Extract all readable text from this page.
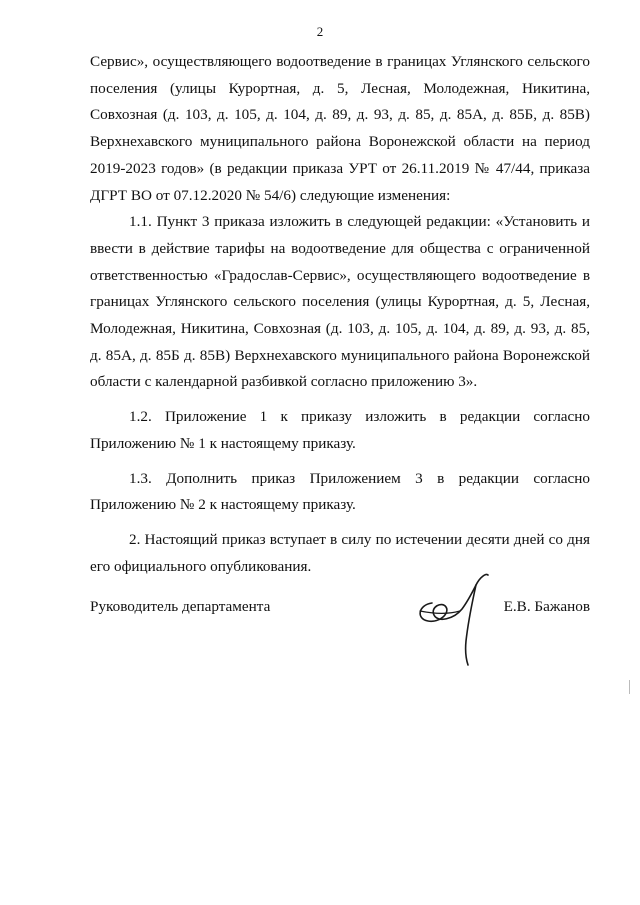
2

Сервис», осуществляющего водоотведение в границах Углянского сельского поселения (улицы Курортная, д. 5, Лесная, Молодежная, Никитина, Совхозная (д. 103, д. 105, д. 104, д. 89, д. 93, д. 85, д. 85А, д. 85Б, д. 85В) Верхнехавского муниципального района Воронежской области на период 2019-2023 годов» (в редакции приказа УРТ от 26.11.2019 № 47/44, приказа ДГРТ ВО от 07.12.2020 № 54/6) следующие изменения:

1.1. Пункт 3 приказа изложить в следующей редакции: «Установить и ввести в действие тарифы на водоотведение для общества с ограниченной ответственностью «Градослав-Сервис», осуществляющего водоотведение в границах Углянского сельского поселения (улицы Курортная, д. 5, Лесная, Молодежная, Никитина, Совхозная (д. 103, д. 105, д. 104, д. 89, д. 93, д. 85, д. 85А, д. 85Б д. 85В) Верхнехавского муниципального района Воронежской области с календарной разбивкой согласно приложению 3».

1.2. Приложение 1 к приказу изложить в редакции согласно Приложению № 1 к настоящему приказу.

1.3. Дополнить приказ Приложением 3 в редакции согласно Приложению № 2 к настоящему приказу.

2. Настоящий приказ вступает в силу по истечении десяти дней со дня его официального опубликования.

Руководитель департамента	Е.В. Бажанов
